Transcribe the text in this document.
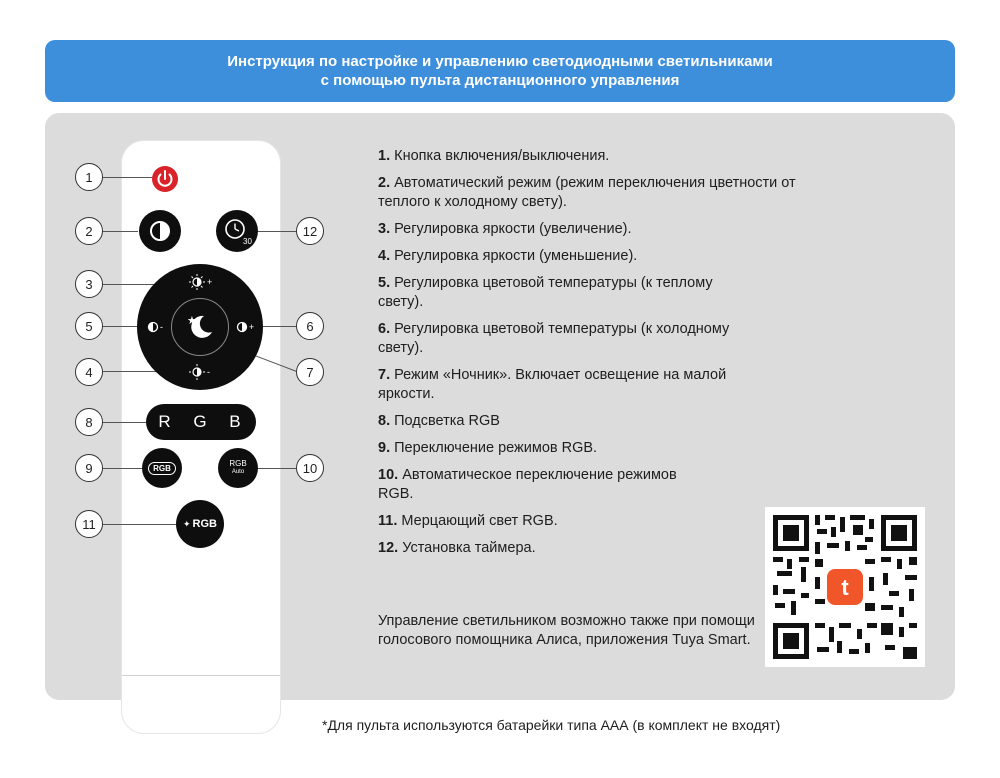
Инструкция по настройке и управлению светодиодными светильниками
с помощью пульта дистанционного управления
1
2
3
4
5	6
7
8
9	10
11
12
30
★
+
-
-	+
R G B
RGB	RGB
Auto
✦ RGB
1. Кнопка включения/выключения.
2. Автоматический режим (режим переключения цветности от теплого к холодному свету).
3. Регулировка яркости (увеличение).
4. Регулировка яркости (уменьшение).
5. Регулировка цветовой температуры (к теплому свету).
6. Регулировка цветовой температуры (к холодному свету).
7. Режим «Ночник». Включает освещение на малой яркости.
8. Подсветка RGB
9. Переключение режимов RGB.
10. Автоматическое переключение режимов RGB.
11. Мерцающий свет RGB.
12. Установка таймера.
Управление светильником возможно также при помощи голосового помощника Алиса, приложения Tuya Smart.
t
*Для пульта используются батарейки типа ААА (в комплект не входят)
